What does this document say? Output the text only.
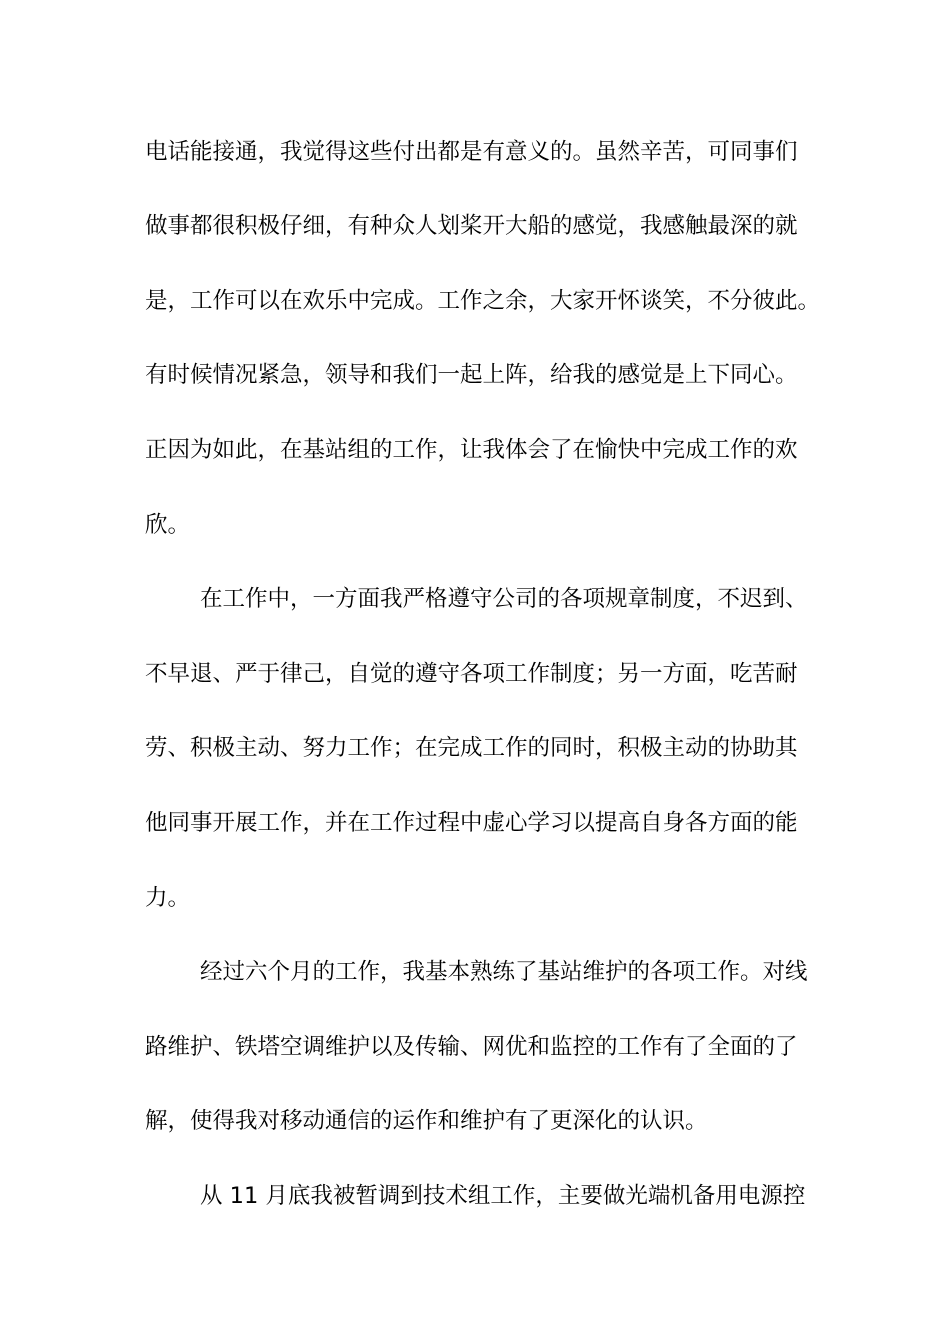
电话能接通，我觉得这些付出都是有意义的。虽然辛苦，可同事们
做事都很积极仔细，有种众人划桨开大船的感觉，我感触最深的就
是，工作可以在欢乐中完成。工作之余，大家开怀谈笑，不分彼此。
有时候情况紧急，领导和我们一起上阵，给我的感觉是上下同心。
正因为如此，在基站组的工作，让我体会了在愉快中完成工作的欢
欣。
在工作中，一方面我严格遵守公司的各项规章制度，不迟到、
不早退、严于律己，自觉的遵守各项工作制度；另一方面，吃苦耐
劳、积极主动、努力工作；在完成工作的同时，积极主动的协助其
他同事开展工作，并在工作过程中虚心学习以提高自身各方面的能
力。
经过六个月的工作，我基本熟练了基站维护的各项工作。对线
路维护、铁塔空调维护以及传输、网优和监控的工作有了全面的了
解，使得我对移动通信的运作和维护有了更深化的认识。
从 11 月底我被暂调到技术组工作，主要做光端机备用电源控
